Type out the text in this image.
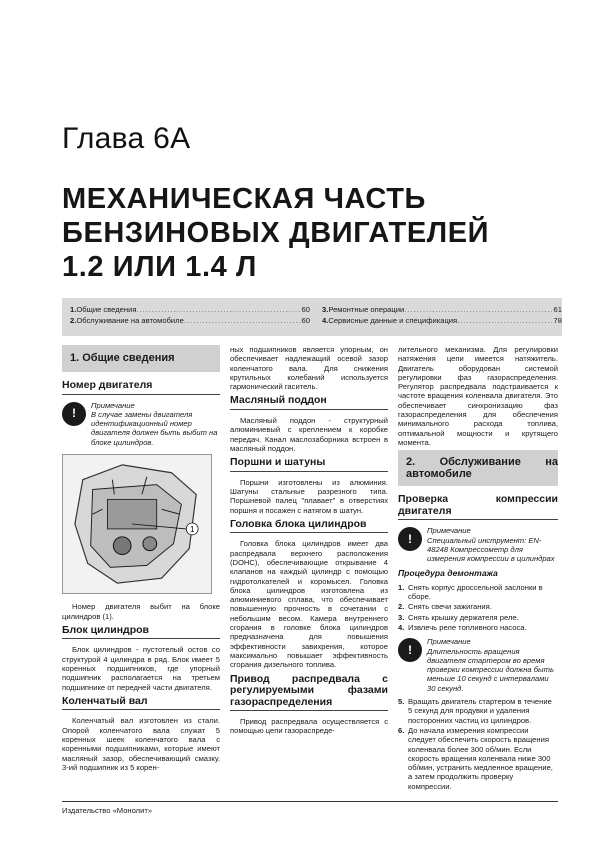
Глава 6А
МЕХАНИЧЕСКАЯ ЧАСТЬ
БЕНЗИНОВЫХ ДВИГАТЕЛЕЙ
1.2 ИЛИ 1.4 Л
1. Общие сведения .....	60
2. Обслуживание на автомобиле .....	60
3. Ремонтные операции .....	61
4. Сервисные данные и спецификация .....	78
1. Общие сведения
Номер двигателя
!
Примечание
В случае замены двигателя идентификационный номер двигателя должен быть выбит на блоке цилиндров.
1
Номер двигателя выбит на блоке цилиндров (1).
Блок цилиндров
Блок цилиндров - пустотелый остов со структурой 4 цилиндра в ряд. Блок имеет 5 коренных подшипников, где упорный подшипник располагается на третьем подшипнике от передней части двигателя.
Коленчатый вал
Коленчатый вал изготовлен из стали. Опорой коленчатого вала служат 5 коренных шеек коленчатого вала с коренными подшипниками, которые имеют масляный зазор, обеспечивающий смазку. 3-ий подшипник из 5 корен-
ных подшипников является упорным, он обеспечивает надлежащий осевой зазор коленчатого вала. Для снижения крутильных колебаний используется гармонический гаситель.
Масляный поддон
Масляный поддон - структурный алюминиевый с креплением к коробке передач. Канал маслозаборника встроен в масляный поддон.
Поршни и шатуны
Поршни изготовлены из алюминия. Шатуны стальные разрезного типа. Поршневой палец "плавает" в отверстиях поршня и посажен с натягом в шатун.
Головка блока цилиндров
Головка блока цилиндров имеет два распредвала верхнего расположения (DOHC), обеспечивающие открывание 4 клапанов на каждый цилиндр с помощью гидротолкателей и коромысел. Головка блока цилиндров изготовлена из алюминиевого сплава, что обеспечивает повышенную прочность в сочетании с небольшим весом. Камера внутреннего сгорания в головке блока цилиндров предназначена для повышения эффективности завихрения, которое максимально повышает эффективность сгорания дизельного топлива.
Привод распредвала с регулируемыми фазами газораспределения
Привод распредвала осуществляется с помощью цепи газораспреде-
лительного механизма. Для регулировки натяжения цепи имеется натяжитель. Двигатель оборудован системой регулировки фаз газораспределения. Регулятор распредвала подстраивается к частоте вращения коленвала двигателя. Это обеспечивает синхронизацию фаз газораспределения для обеспечения минимального расхода топлива, оптимальной мощности и крутящего момента.
2. Обслуживание на автомобиле
Проверка компрессии двигателя
!
Примечание
Специальный инструмент: EN-48248 Компрессометр для измерения компрессии в цилиндрах
Процедура демонтажа
1. Снять корпус дроссельной заслонки в сборе.
2. Снять свечи зажигания.
3. Снять крышку держателя реле.
4. Извлечь реле топливного насоса.
!
Примечание
Длительность вращения двигателя стартером во время проверки компрессии должна быть меньше 10 секунд с интервалами 30 секунд.
5. Вращать двигатель стартером в течение 5 секунд для продувки и удаления посторонних частиц из цилиндров.
6. До начала измерения компрессии следует обеспечить скорость вращения коленвала более 300 об/мин. Если скорость вращения коленвала ниже 300 об/мин, устранить медленное вращение, а затем продолжить проверку компрессии.
Издательство «Монолит»
